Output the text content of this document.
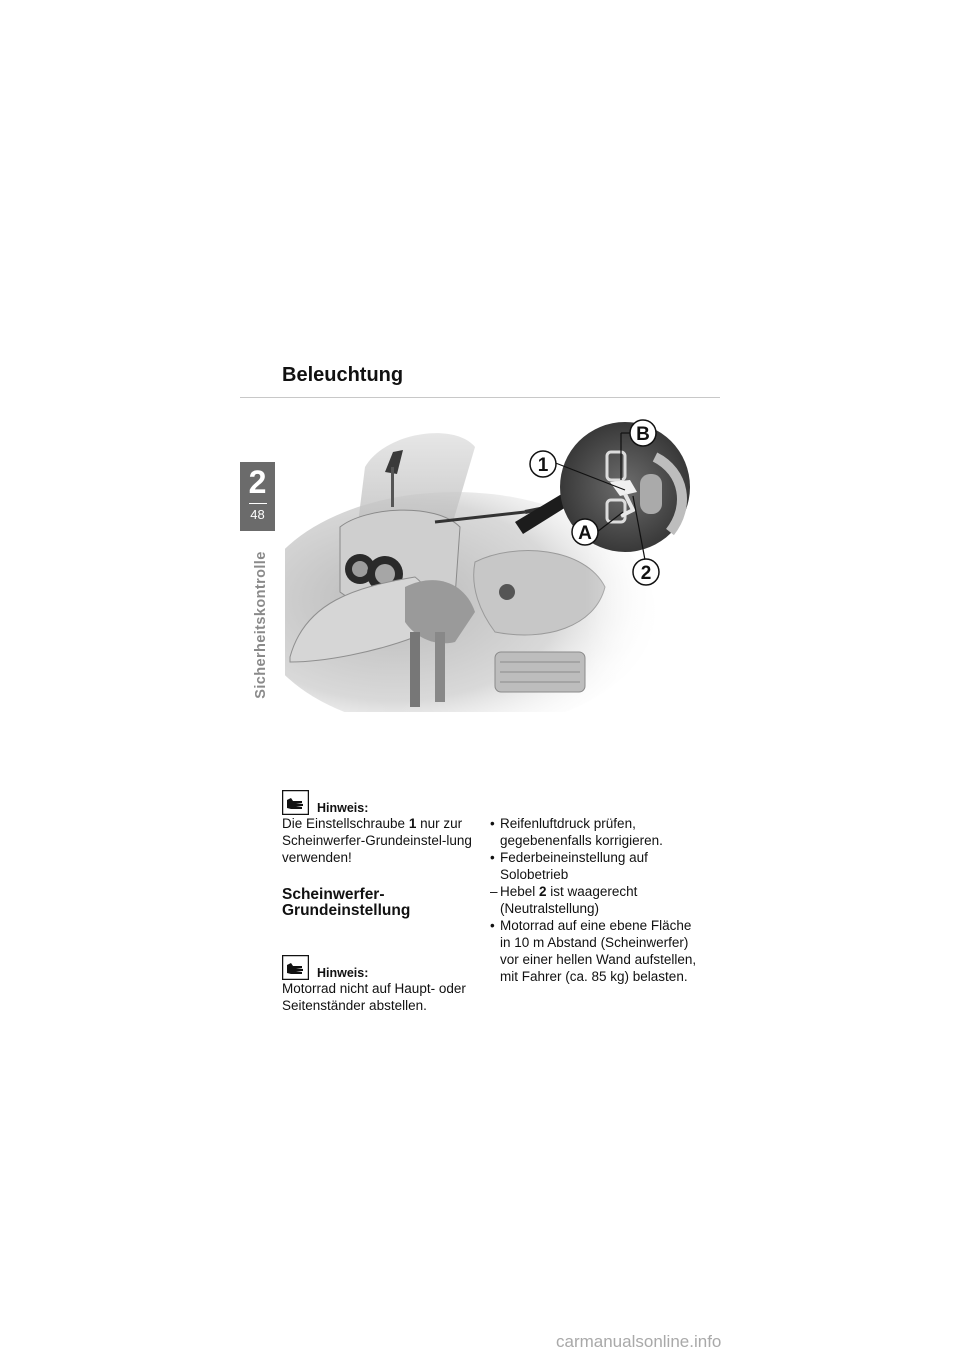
2
48
Sicherheitskontrolle
Beleuchtung
1
B
A
2
Hinweis:

Die Einstellschraube 1 nur zur Scheinwerfer-Grundeinstel-lung verwenden!

Scheinwerfer-Grundeinstellung
Hinweis:

Motorrad nicht auf Haupt- oder Seitenständer abstellen.

• Reifenluftdruck prüfen, gegebenenfalls korrigieren.
• Federbeineinstellung auf Solobetrieb
– Hebel 2 ist waagerecht (Neutralstellung)
• Motorrad auf eine ebene Fläche in 10 m Abstand (Scheinwerfer) vor einer hellen Wand aufstellen, mit Fahrer (ca. 85 kg) belasten.
carmanualsonline.info
